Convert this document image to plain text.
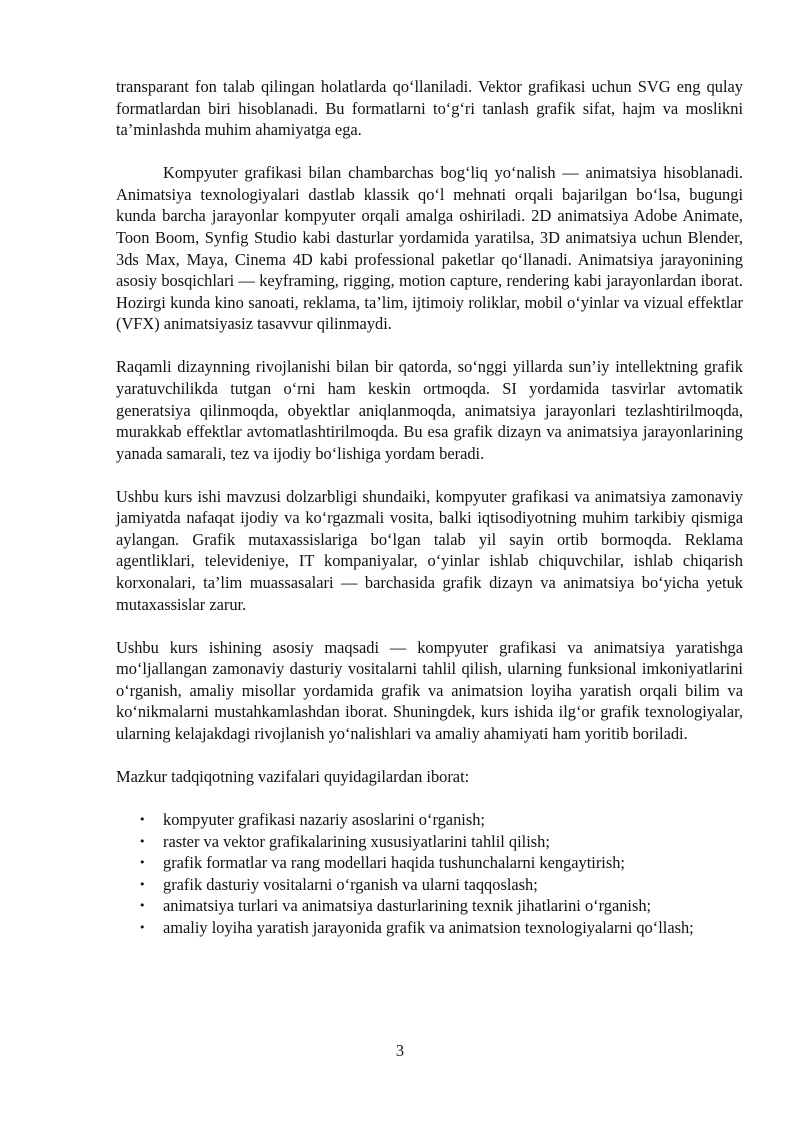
transparant fon talab qilingan holatlarda qo‘llaniladi. Vektor grafikasi uchun SVG eng qulay formatlardan biri hisoblanadi. Bu formatlarni to‘g‘ri tanlash grafik sifat, hajm va moslikni ta’minlashda muhim ahamiyatga ega.

Kompyuter grafikasi bilan chambarchas bog‘liq yo‘nalish — animatsiya hisoblanadi. Animatsiya texnologiyalari dastlab klassik qo‘l mehnati orqali bajarilgan bo‘lsa, bugungi kunda barcha jarayonlar kompyuter orqali amalga oshiriladi. 2D animatsiya Adobe Animate, Toon Boom, Synfig Studio kabi dasturlar yordamida yaratilsa, 3D animatsiya uchun Blender, 3ds Max, Maya, Cinema 4D kabi professional paketlar qo‘llanadi. Animatsiya jarayonining asosiy bosqichlari — keyframing, rigging, motion capture, rendering kabi jarayonlardan iborat. Hozirgi kunda kino sanoati, reklama, ta’lim, ijtimoiy roliklar, mobil o‘yinlar va vizual effektlar (VFX) animatsiyasiz tasavvur qilinmaydi.

Raqamli dizaynning rivojlanishi bilan bir qatorda, so‘nggi yillarda sun’iy intellektning grafik yaratuvchilikda tutgan o‘rni ham keskin ortmoqda. SI yordamida tasvirlar avtomatik generatsiya qilinmoqda, obyektlar aniqlanmoqda, animatsiya jarayonlari tezlashtirilmoqda, murakkab effektlar avtomatlashtirilmoqda. Bu esa grafik dizayn va animatsiya jarayonlarining yanada samarali, tez va ijodiy bo‘lishiga yordam beradi.

Ushbu kurs ishi mavzusi dolzarbligi shundaiki, kompyuter grafikasi va animatsiya zamonaviy jamiyatda nafaqat ijodiy va ko‘rgazmali vosita, balki iqtisodiyotning muhim tarkibiy qismiga aylangan. Grafik mutaxassislariga bo‘lgan talab yil sayin ortib bormoqda. Reklama agentliklari, televideniye, IT kompaniyalar, o‘yinlar ishlab chiquvchilar, ishlab chiqarish korxonalari, ta’lim muassasalari — barchasida grafik dizayn va animatsiya bo‘yicha yetuk mutaxassislar zarur.

Ushbu kurs ishining asosiy maqsadi — kompyuter grafikasi va animatsiya yaratishga mo‘ljallangan zamonaviy dasturiy vositalarni tahlil qilish, ularning funksional imkoniyatlarini o‘rganish, amaliy misollar yordamida grafik va animatsion loyiha yaratish orqali bilim va ko‘nikmalarni mustahkamlashdan iborat. Shuningdek, kurs ishida ilg‘or grafik texnologiyalar, ularning kelajakdagi rivojlanish yo‘nalishlari va amaliy ahamiyati ham yoritib boriladi.

Mazkur tadqiqotning vazifalari quyidagilardan iborat:

• kompyuter grafikasi nazariy asoslarini o‘rganish;
• raster va vektor grafikalarining xususiyatlarini tahlil qilish;
• grafik formatlar va rang modellari haqida tushunchalarni kengaytirish;
• grafik dasturiy vositalarni o‘rganish va ularni taqqoslash;
• animatsiya turlari va animatsiya dasturlarining texnik jihatlarini o‘rganish;
• amaliy loyiha yaratish jarayonida grafik va animatsion texnologiyalarni qo‘llash;
3
